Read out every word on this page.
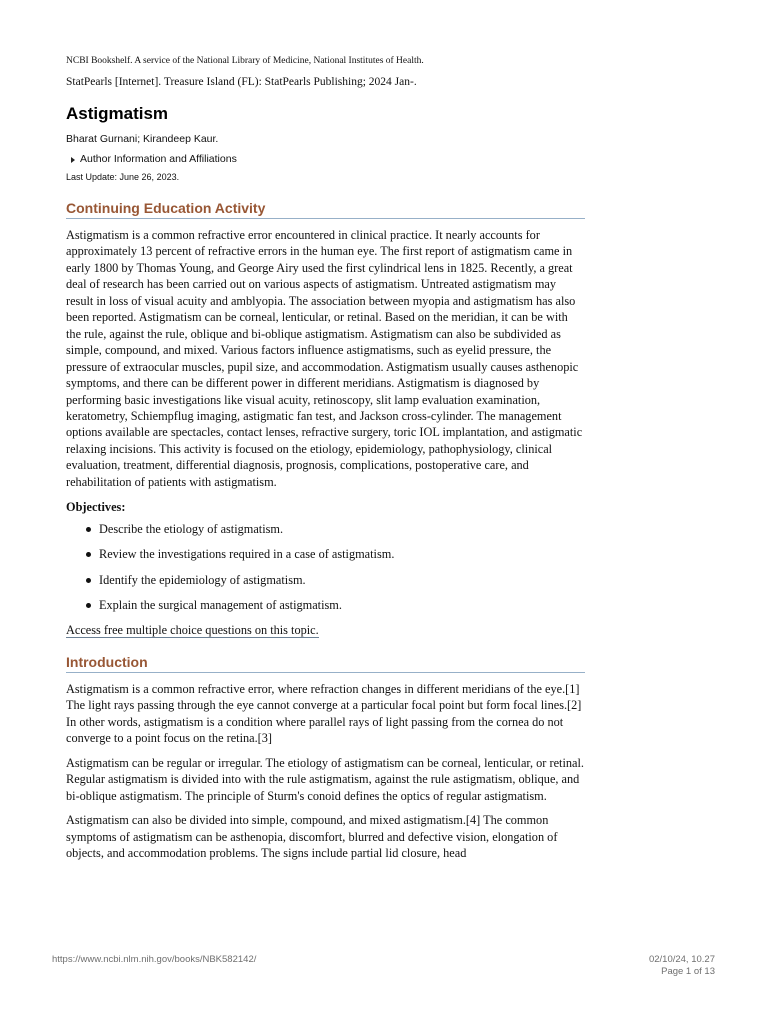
NCBI Bookshelf. A service of the National Library of Medicine, National Institutes of Health.
StatPearls [Internet]. Treasure Island (FL): StatPearls Publishing; 2024 Jan-.
Astigmatism
Bharat Gurnani; Kirandeep Kaur.
Author Information and Affiliations
Last Update: June 26, 2023.
Continuing Education Activity

Astigmatism is a common refractive error encountered in clinical practice. It nearly accounts for approximately 13 percent of refractive errors in the human eye. The first report of astigmatism came in early 1800 by Thomas Young, and George Airy used the first cylindrical lens in 1825. Recently, a great deal of research has been carried out on various aspects of astigmatism. Untreated astigmatism may result in loss of visual acuity and amblyopia. The association between myopia and astigmatism has also been reported. Astigmatism can be corneal, lenticular, or retinal. Based on the meridian, it can be with the rule, against the rule, oblique and bi-oblique astigmatism. Astigmatism can also be subdivided as simple, compound, and mixed. Various factors influence astigmatisms, such as eyelid pressure, the pressure of extraocular muscles, pupil size, and accommodation. Astigmatism usually causes asthenopic symptoms, and there can be different power in different meridians. Astigmatism is diagnosed by performing basic investigations like visual acuity, retinoscopy, slit lamp evaluation examination, keratometry, Schiempflug imaging, astigmatic fan test, and Jackson cross-cylinder. The management options available are spectacles, contact lenses, refractive surgery, toric IOL implantation, and astigmatic relaxing incisions. This activity is focused on the etiology, epidemiology, pathophysiology, clinical evaluation, treatment, differential diagnosis, prognosis, complications, postoperative care, and rehabilitation of patients with astigmatism.

Objectives:
Describe the etiology of astigmatism.
Review the investigations required in a case of astigmatism.
Identify the epidemiology of astigmatism.
Explain the surgical management of astigmatism.
Access free multiple choice questions on this topic.
Introduction

Astigmatism is a common refractive error, where refraction changes in different meridians of the eye.[1] The light rays passing through the eye cannot converge at a particular focal point but form focal lines.[2] In other words, astigmatism is a condition where parallel rays of light passing from the cornea do not converge to a point focus on the retina.[3]

Astigmatism can be regular or irregular. The etiology of astigmatism can be corneal, lenticular, or retinal. Regular astigmatism is divided into with the rule astigmatism, against the rule astigmatism, oblique, and bi-oblique astigmatism. The principle of Sturm's conoid defines the optics of regular astigmatism.

Astigmatism can also be divided into simple, compound, and mixed astigmatism.[4] The common symptoms of astigmatism can be asthenopia, discomfort, blurred and defective vision, elongation of objects, and accommodation problems. The signs include partial lid closure, head

https://www.ncbi.nlm.nih.gov/books/NBK582142/	02/10/24, 10.27
Page 1 of 13
